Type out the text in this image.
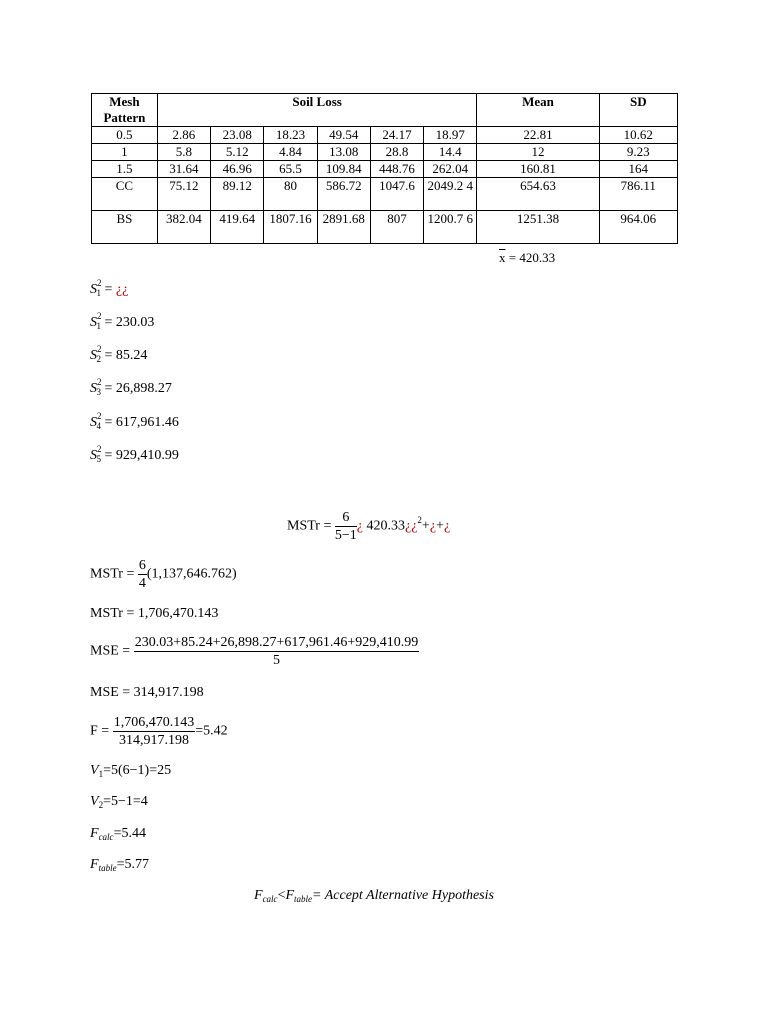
Mesh Pattern	Soil Loss						Mean	SD
0.5	2.86	23.08	18.23	49.54	24.17	18.97	22.81	10.62
1	5.8	5.12	4.84	13.08	28.8	14.4	12	9.23
1.5	31.64	46.96	65.5	109.84	448.76	262.04	160.81	164
CC	75.12	89.12	80	586.72	1047.6	2049.2 4	654.63	786.11
BS	382.04	419.64	1807.16	2891.68	807	1200.7 6	1251.38	964.06
$\overline{x} = 420.33$
$S^2_1$ = ¿¿
$S^2_1 = 230.03$
$S^2_2 = 85.24$
$S^2_3 = 26,898.27$
$S^2_4 = 617,961.46$
$S^2_5 = 929,410.99$
MSTr = $\frac{6}{5-1}$ ¿ 420.33¿¿$^2$+¿+¿
MSTr = $\frac{6}{4} (1,137,646.762)$
MSTr = 1,706,470.143
MSE = $\frac{230.03+85.24+26,898.27+617,961.46+929,410.99}{5}$
MSE = 314,917.198
$F = \frac{1,706,470.143}{314,917.198} =5.42$
$V_1=5(6-1)=25$
$V_2=5-1=4$
$F_{calc}=5.44$
$F_{table}=5.77$
$F_{calc}<F_{table}=$ Accept Alternative Hypothesis
